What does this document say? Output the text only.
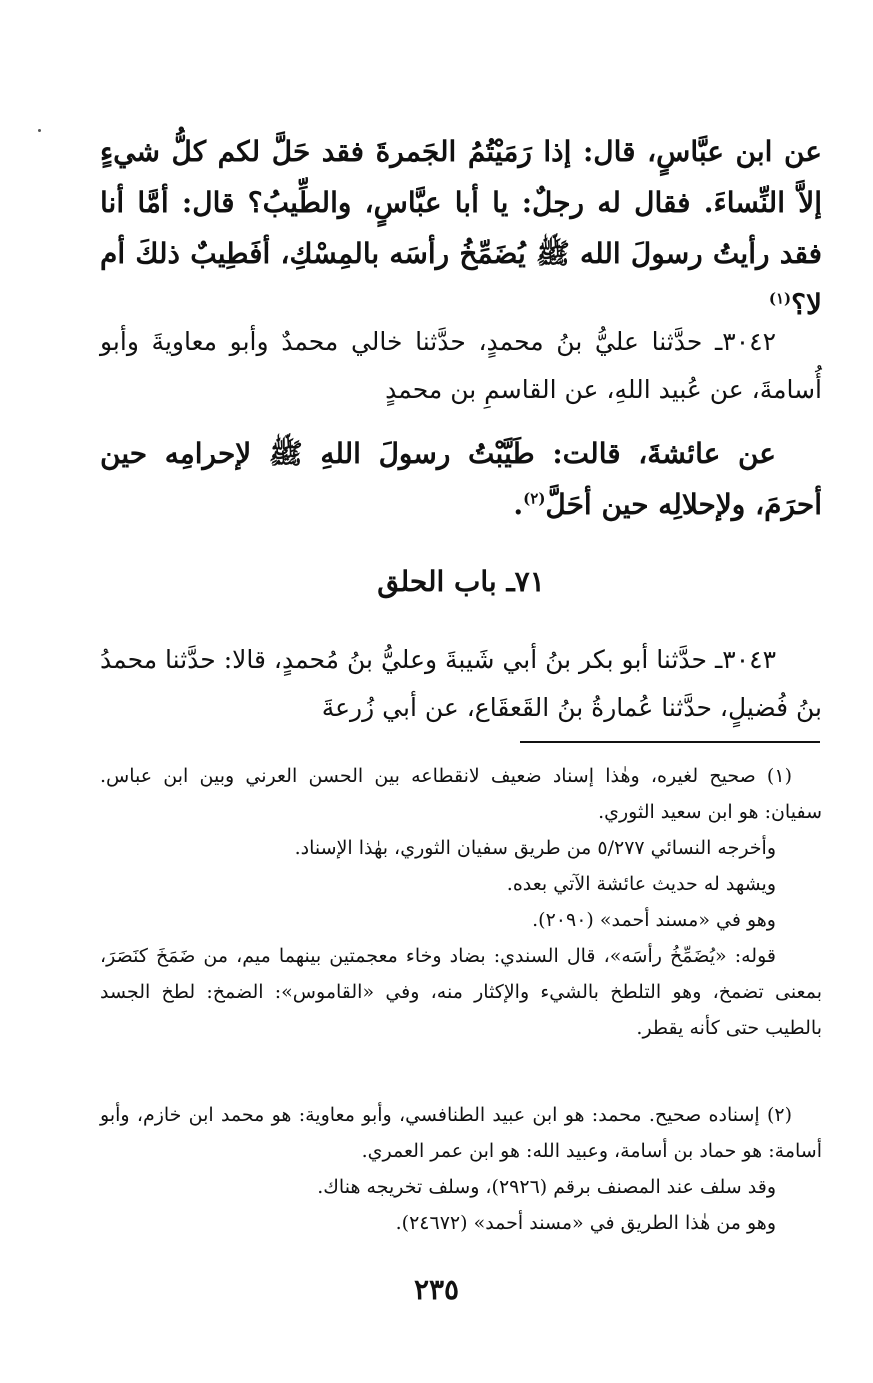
عن ابن عبَّاسٍ، قال: إذا رَمَيْتُمُ الجَمرةَ فقد حَلَّ لكم كلُّ شيءٍ إلاَّ النِّساءَ. فقال له رجلٌ: يا أبا عبَّاسٍ، والطِّيبُ؟ قال: أمَّا أنا فقد رأيتُ رسولَ الله ﷺ يُضَمِّخُ رأسَه بالمِسْكِ، أفَطِيبٌ ذلكَ أم لا؟$^{(١)}$
٣٠٤٢ـ حدَّثنا عليُّ بنُ محمدٍ، حدَّثنا خالي محمدٌ وأبو معاويةَ وأبو أُسامةَ، عن عُبيد اللهِ، عن القاسمِ بن محمدٍ
عن عائشةَ، قالت: طَيَّبْتُ رسولَ اللهِ ﷺ لإحرامِه حين أحرَمَ، ولإحلالِه حين أحَلَّ$^{(٢)}$.
٧١ـ باب الحلق
٣٠٤٣ـ حدَّثنا أبو بكر بنُ أبي شَيبةَ وعليُّ بنُ مُحمدٍ، قالا: حدَّثنا محمدُ بنُ فُضيلٍ، حدَّثنا عُمارةُ بنُ القَعقَاع، عن أبي زُرعةَ
(١) صحيح لغيره، وهٰذا إسناد ضعيف لانقطاعه بين الحسن العرني وبين ابن عباس. سفيان: هو ابن سعيد الثوري.
وأخرجه النسائي ٥/٢٧٧ من طريق سفيان الثوري، بهٰذا الإسناد.
ويشهد له حديث عائشة الآتي بعده.
وهو في «مسند أحمد» (٢٠٩٠).
قوله: «يُضَمِّخُ رأسَه»، قال السندي: بضاد وخاء معجمتين بينهما ميم، من ضَمَخَ كنَصَرَ، بمعنى تضمخ، وهو التلطخ بالشيء والإكثار منه، وفي «القاموس»: الضمخ: لطخ الجسد بالطيب حتى كأنه يقطر.
(٢) إسناده صحيح. محمد: هو ابن عبيد الطنافسي، وأبو معاوية: هو محمد ابن خازم، وأبو أسامة: هو حماد بن أسامة، وعبيد الله: هو ابن عمر العمري.
وقد سلف عند المصنف برقم (٢٩٢٦)، وسلف تخريجه هناك.
وهو من هٰذا الطريق في «مسند أحمد» (٢٤٦٧٢).
٢٣٥
